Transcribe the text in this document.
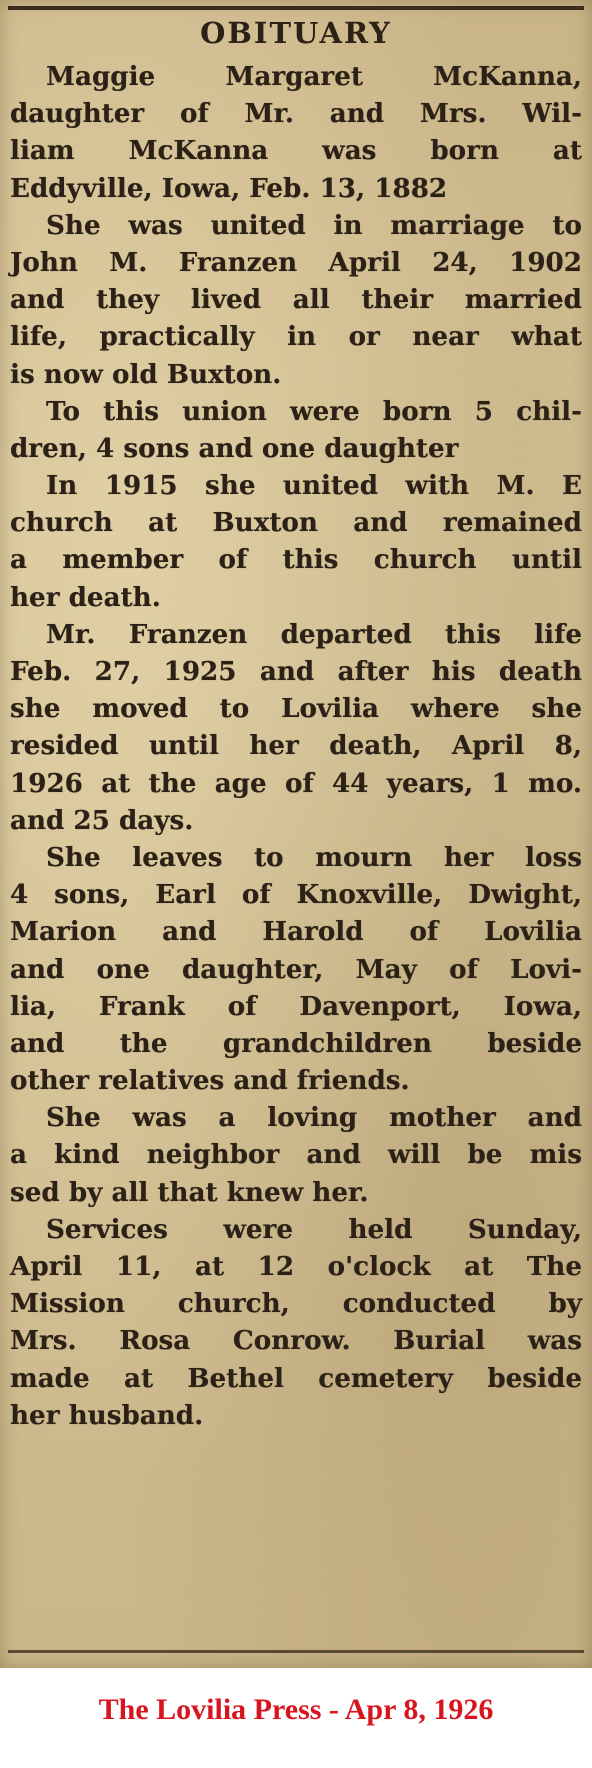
OBITUARY
Maggie Margaret McKanna,
daughter of Mr. and Mrs. Wil-
liam McKanna was born at
Eddyville, Iowa, Feb. 13, 1882
She was united in marriage to
John M. Franzen April 24, 1902
and they lived all their married
life, practically in or near what
is now old Buxton.
To this union were born 5 chil-
dren, 4 sons and one daughter
In 1915 she united with M. E
church at Buxton and remained
a member of this church until
her death.
Mr. Franzen departed this life
Feb. 27, 1925 and after his death
she moved to Lovilia where she
resided until her death, April 8,
1926 at the age of 44 years, 1 mo.
and 25 days.
She leaves to mourn her loss
4 sons, Earl of Knoxville, Dwight,
Marion and Harold of Lovilia
and one daughter, May of Lovi-
lia, Frank of Davenport, Iowa,
and the grandchildren beside
other relatives and friends.
She was a loving mother and
a kind neighbor and will be mis
sed by all that knew her.
Services were held Sunday,
April 11, at 12 o'clock at The
Mission church, conducted by
Mrs. Rosa Conrow. Burial was
made at Bethel cemetery beside
her husband.
The Lovilia Press - Apr 8, 1926
